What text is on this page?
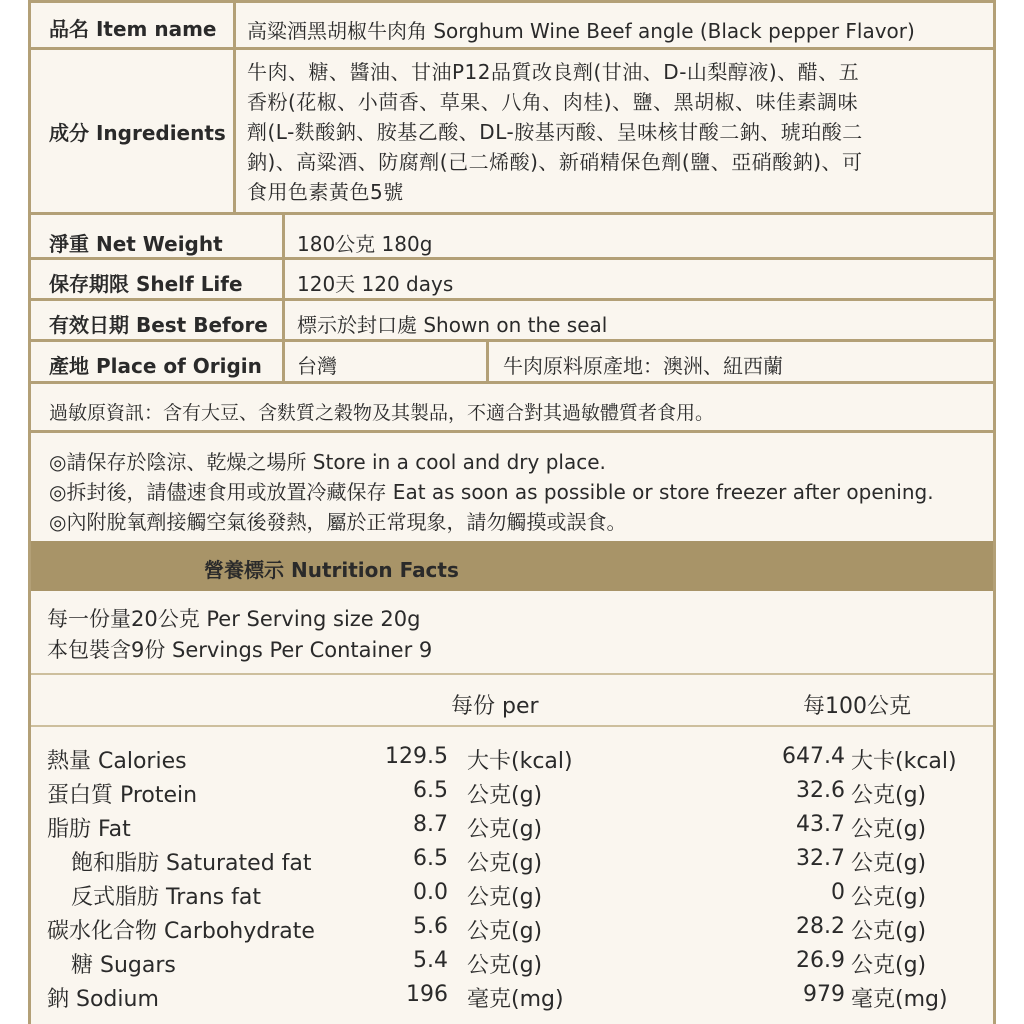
品名 Item name 高粱酒黑胡椒牛肉角 Sorghum Wine Beef angle (Black pepper Flavor)
成分 Ingredients
牛肉、糖、醬油、甘油P12品質改良劑(甘油、D-山梨醇液)、醋、五
香粉(花椒、小茴香、草果、八角、肉桂)、鹽、黑胡椒、味佳素調味
劑(L-麩酸鈉、胺基乙酸、DL-胺基丙酸、呈味核甘酸二鈉、琥珀酸二
鈉)、高粱酒、防腐劑(己二烯酸)、新硝精保色劑(鹽、亞硝酸鈉)、可
食用色素黃色5號
淨重 Net Weight	180公克 180g
保存期限 Shelf Life	120天 120 days
有效日期 Best Before 標示於封口處 Shown on the seal
產地 Place of Origin 台灣	牛肉原料原產地：澳洲、紐西蘭
過敏原資訊：含有大豆、含麩質之穀物及其製品，不適合對其過敏體質者食用。
◎請保存於陰涼、乾燥之場所 Store in a cool and dry place.
◎拆封後，請儘速食用或放置冷藏保存 Eat as soon as possible or store freezer after opening.
◎內附脫氧劑接觸空氣後發熱，屬於正常現象，請勿觸摸或誤食。
營養標示 Nutrition Facts
每一份量20公克 Per Serving size 20g
本包裝含9份 Servings Per Container 9
每份 per	每100公克
熱量 Calories	129.5 大卡(kcal)	647.4 大卡(kcal)
蛋白質 Protein	6.5 公克(g)	32.6 公克(g)
脂肪 Fat	8.7 公克(g)	43.7 公克(g)
飽和脂肪 Saturated fat	6.5 公克(g)	32.7 公克(g)
反式脂肪 Trans fat	0.0 公克(g)	0 公克(g)
碳水化合物 Carbohydrate	5.6 公克(g)	28.2 公克(g)
糖 Sugars	5.4 公克(g)	26.9 公克(g)
鈉 Sodium	196 毫克(mg)	979 毫克(mg)
